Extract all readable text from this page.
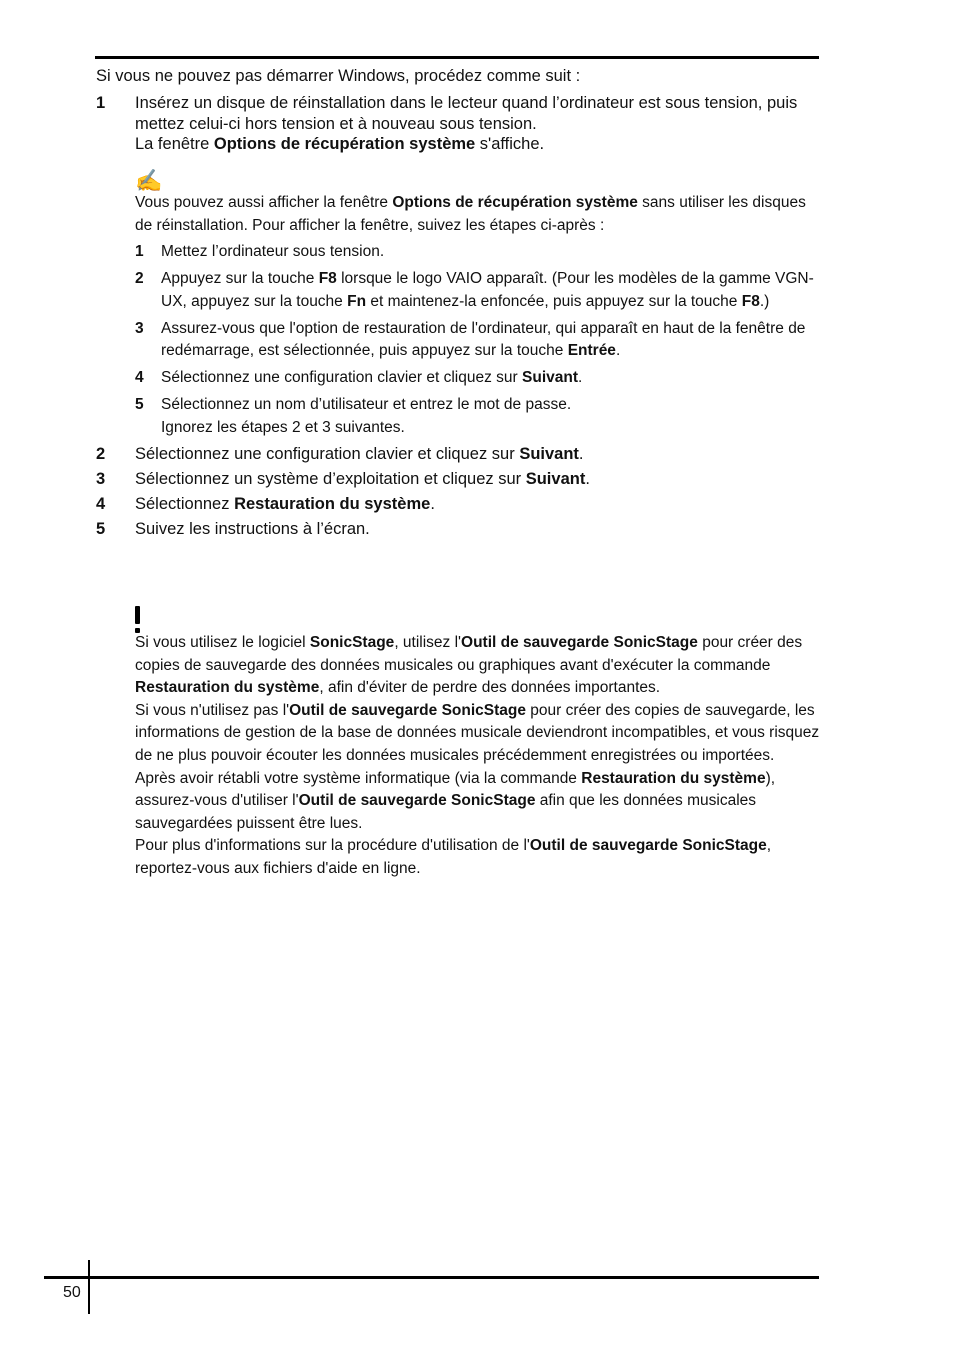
Si vous ne pouvez pas démarrer Windows, procédez comme suit :

1 Insérez un disque de réinstallation dans le lecteur quand l’ordinateur est sous tension, puis mettez celui-ci hors tension et à nouveau sous tension.
La fenêtre Options de récupération système s'affiche.
✍
Vous pouvez aussi afficher la fenêtre Options de récupération système sans utiliser les disques de réinstallation. Pour afficher la fenêtre, suivez les étapes ci-après :
1 Mettez l’ordinateur sous tension.
2 Appuyez sur la touche F8 lorsque le logo VAIO apparaît. (Pour les modèles de la gamme VGN-UX, appuyez sur la touche Fn et maintenez-la enfoncée, puis appuyez sur la touche F8.)
3 Assurez-vous que l'option de restauration de l'ordinateur, qui apparaît en haut de la fenêtre de redémarrage, est sélectionnée, puis appuyez sur la touche Entrée.
4 Sélectionnez une configuration clavier et cliquez sur Suivant.
5 Sélectionnez un nom d’utilisateur et entrez le mot de passe.
Ignorez les étapes 2 et 3 suivantes.
2 Sélectionnez une configuration clavier et cliquez sur Suivant.
3 Sélectionnez un système d’exploitation et cliquez sur Suivant.
4 Sélectionnez Restauration du système.
5 Suivez les instructions à l’écran.

Si vous utilisez le logiciel SonicStage, utilisez l'Outil de sauvegarde SonicStage pour créer des copies de sauvegarde des données musicales ou graphiques avant d'exécuter la commande Restauration du système, afin d'éviter de perdre des données importantes.

Si vous n'utilisez pas l'Outil de sauvegarde SonicStage pour créer des copies de sauvegarde, les informations de gestion de la base de données musicale deviendront incompatibles, et vous risquez de ne plus pouvoir écouter les données musicales précédemment enregistrées ou importées.

Après avoir rétabli votre système informatique (via la commande Restauration du système), assurez-vous d'utiliser l'Outil de sauvegarde SonicStage afin que les données musicales sauvegardées puissent être lues.

Pour plus d'informations sur la procédure d'utilisation de l'Outil de sauvegarde SonicStage, reportez-vous aux fichiers d'aide en ligne.

50
